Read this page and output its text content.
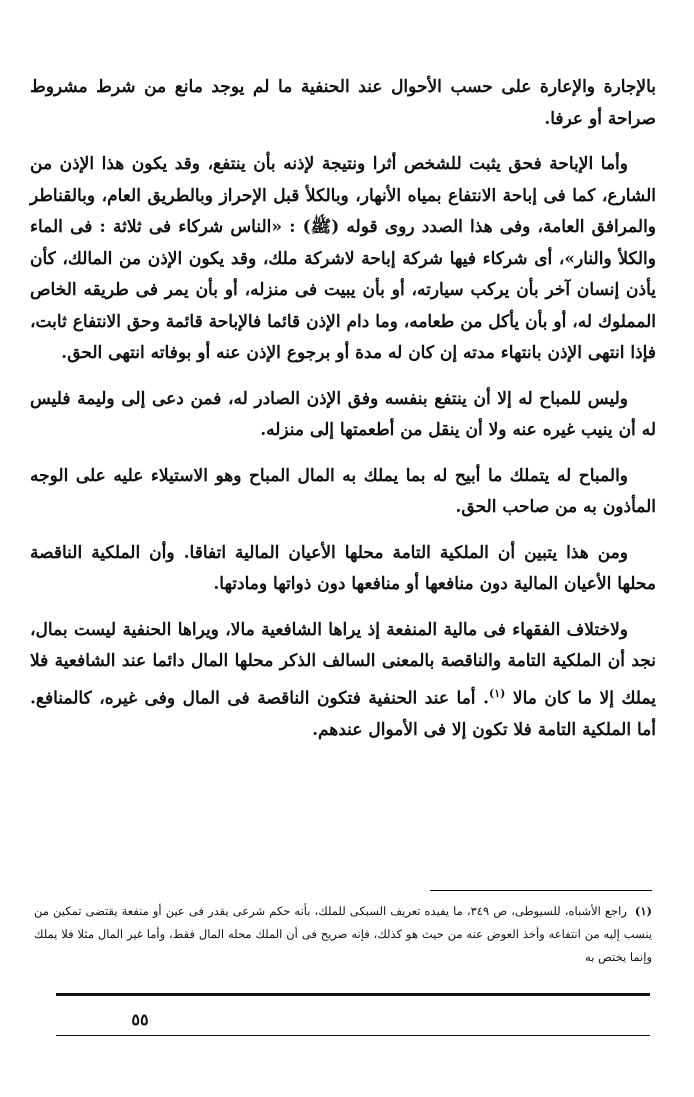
بالإجارة والإعارة على حسب الأحوال عند الحنفية ما لم يوجد مانع من شرط مشروط صراحة أو عرفا.

وأما الإباحة فحق يثبت للشخص أثرا ونتيجة لإذنه بأن ينتفع، وقد يكون هذا الإذن من الشارع، كما فى إباحة الانتفاع بمياه الأنهار، وبالكلأ قبل الإحراز وبالطريق العام، وبالقناطر والمرافق العامة، وفى هذا الصدد روى قوله (ﷺ) : «الناس شركاء فى ثلاثة : فى الماء والكلأ والنار»، أى شركاء فيها شركة إباحة لاشركة ملك، وقد يكون الإذن من المالك، كأن يأذن إنسان آخر بأن يركب سيارته، أو بأن يبيت فى منزله، أو بأن يمر فى طريقه الخاص المملوك له، أو بأن يأكل من طعامه، وما دام الإذن قائما فالإباحة قائمة وحق الانتفاع ثابت، فإذا انتهى الإذن بانتهاء مدته إن كان له مدة أو برجوع الإذن عنه أو بوفاته انتهى الحق.

وليس للمباح له إلا أن ينتفع بنفسه وفق الإذن الصادر له، فمن دعى إلى وليمة فليس له أن ينيب غيره عنه ولا أن ينقل من أطعمتها إلى منزله.

والمباح له يتملك ما أبيح له بما يملك به المال المباح وهو الاستيلاء عليه على الوجه المأذون به من صاحب الحق.

ومن هذا يتبين أن الملكية التامة محلها الأعيان المالية اتفاقا. وأن الملكية الناقصة محلها الأعيان المالية دون منافعها أو منافعها دون ذواتها ومادتها.

ولاختلاف الفقهاء فى مالية المنفعة إذ يراها الشافعية مالا، ويراها الحنفية ليست بمال، نجد أن الملكية التامة والناقصة بالمعنى السالف الذكر محلها المال دائما عند الشافعية فلا يملك إلا ما كان مالا $^{(١)}$. أما عند الحنفية فتكون الناقصة فى المال وفى غيره، كالمنافع. أما الملكية التامة فلا تكون إلا فى الأموال عندهم.

(١)راجع الأشباه، للسيوطى، ص ٣٤٩، ما يفيده تعريف السبكى للملك، بأنه حكم شرعى يقدر فى عين أو منفعة يقتضى تمكين من ينسب إليه من انتفاعه وأخذ العوض عنه من حيث هو كذلك، فإنه صريح فى أن الملك محله المال فقط، وأما غير المال مثلا فلا يملك وإنما يختص به

٥٥
